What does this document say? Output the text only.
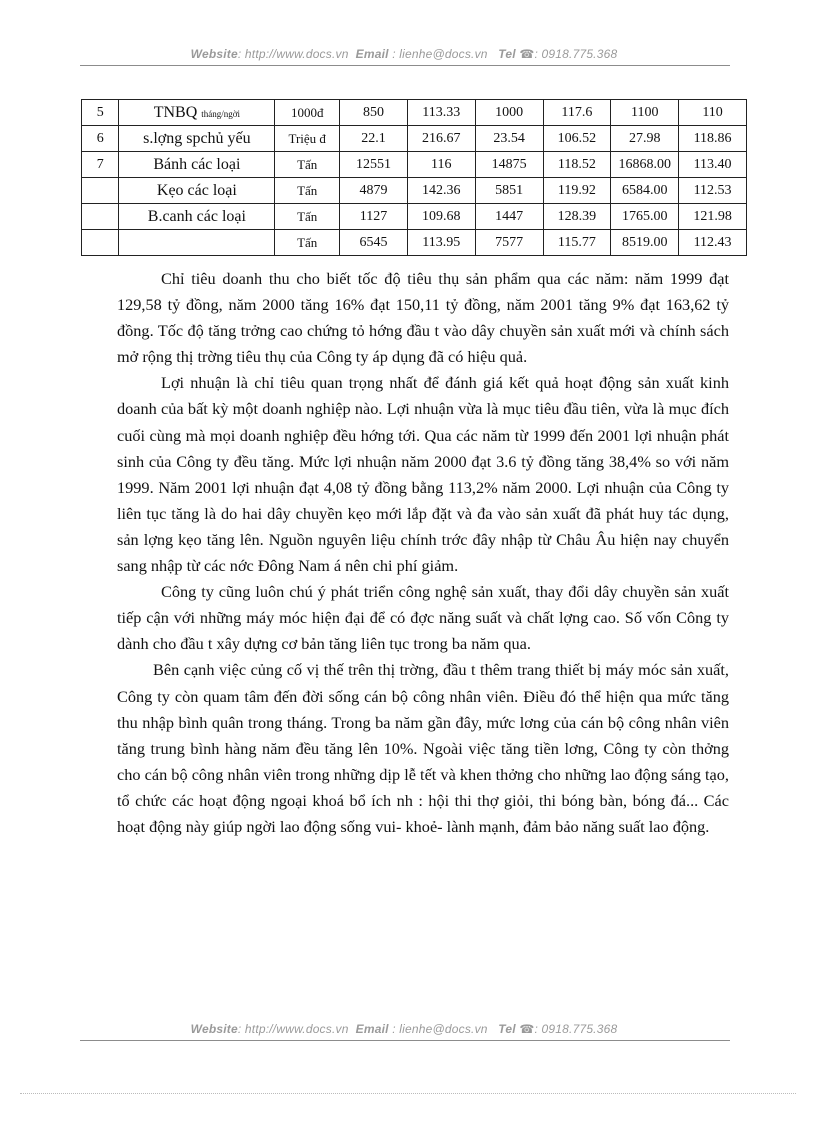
Website: http://www.docs.vn Email : lienhe@docs.vn Tel ☎: 0918.775.368
5	TNBQ tháng/ngời	1000đ	850	113.33	1000	117.6	1100	110
6	s.lợng spchủ yếu	Triệu đ	22.1	216.67	23.54	106.52	27.98	118.86
7	Bánh các loại	Tấn	12551	116	14875	118.52	16868.00	113.40
	Kẹo các loại	Tấn	4879	142.36	5851	119.92	6584.00	112.53
	B.canh các loại	Tấn	1127	109.68	1447	128.39	1765.00	121.98
		Tấn	6545	113.95	7577	115.77	8519.00	112.43

Chỉ tiêu doanh thu cho biết tốc độ tiêu thụ sản phẩm qua các năm: năm 1999 đạt 129,58 tỷ đồng, năm 2000 tăng 16% đạt 150,11 tỷ đồng, năm 2001 tăng 9% đạt 163,62 tỷ đồng. Tốc độ tăng trởng cao chứng tỏ hớng đầu t vào dây chuyền sản xuất mới và chính sách mở rộng thị trờng tiêu thụ của Công ty áp dụng đã có hiệu quả.

Lợi nhuận là chỉ tiêu quan trọng nhất để đánh giá kết quả hoạt động sản xuất kinh doanh của bất kỳ một doanh nghiệp nào. Lợi nhuận vừa là mục tiêu đầu tiên, vừa là mục đích cuối cùng mà mọi doanh nghiệp đều hớng tới. Qua các năm từ 1999 đến 2001 lợi nhuận phát sinh của Công ty đều tăng. Mức lợi nhuận năm 2000 đạt 3.6 tỷ đồng tăng 38,4% so với năm 1999. Năm 2001 lợi nhuận đạt 4,08 tỷ đồng bằng 113,2% năm 2000. Lợi nhuận của Công ty liên tục tăng là do hai dây chuyền kẹo mới lắp đặt và đa vào sản xuất đã phát huy tác dụng, sản lợng kẹo tăng lên. Nguồn nguyên liệu chính trớc đây nhập từ Châu Âu hiện nay chuyển sang nhập từ các nớc Đông Nam á nên chi phí giảm.

Công ty cũng luôn chú ý phát triển công nghệ sản xuất, thay đổi dây chuyền sản xuất tiếp cận với những máy móc hiện đại để có đợc năng suất và chất lợng cao. Số vốn Công ty dành cho đầu t xây dựng cơ bản tăng liên tục trong ba năm qua.

Bên cạnh việc củng cố vị thế trên thị trờng, đầu t thêm trang thiết bị máy móc sản xuất, Công ty còn quam tâm đến đời sống cán bộ công nhân viên. Điều đó thể hiện qua mức tăng thu nhập bình quân trong tháng. Trong ba năm gần đây, mức lơng của cán bộ công nhân viên tăng trung bình hàng năm đều tăng lên 10%. Ngoài việc tăng tiền lơng, Công ty còn thởng cho cán bộ công nhân viên trong những dịp lễ tết và khen thởng cho những lao động sáng tạo, tổ chức các hoạt động ngoại khoá bổ ích nh : hội thi thợ giỏi, thi bóng bàn, bóng đá... Các hoạt động này giúp ngời lao động sống vui- khoẻ- lành mạnh, đảm bảo năng suất lao động.

Website: http://www.docs.vn Email : lienhe@docs.vn Tel ☎: 0918.775.368
